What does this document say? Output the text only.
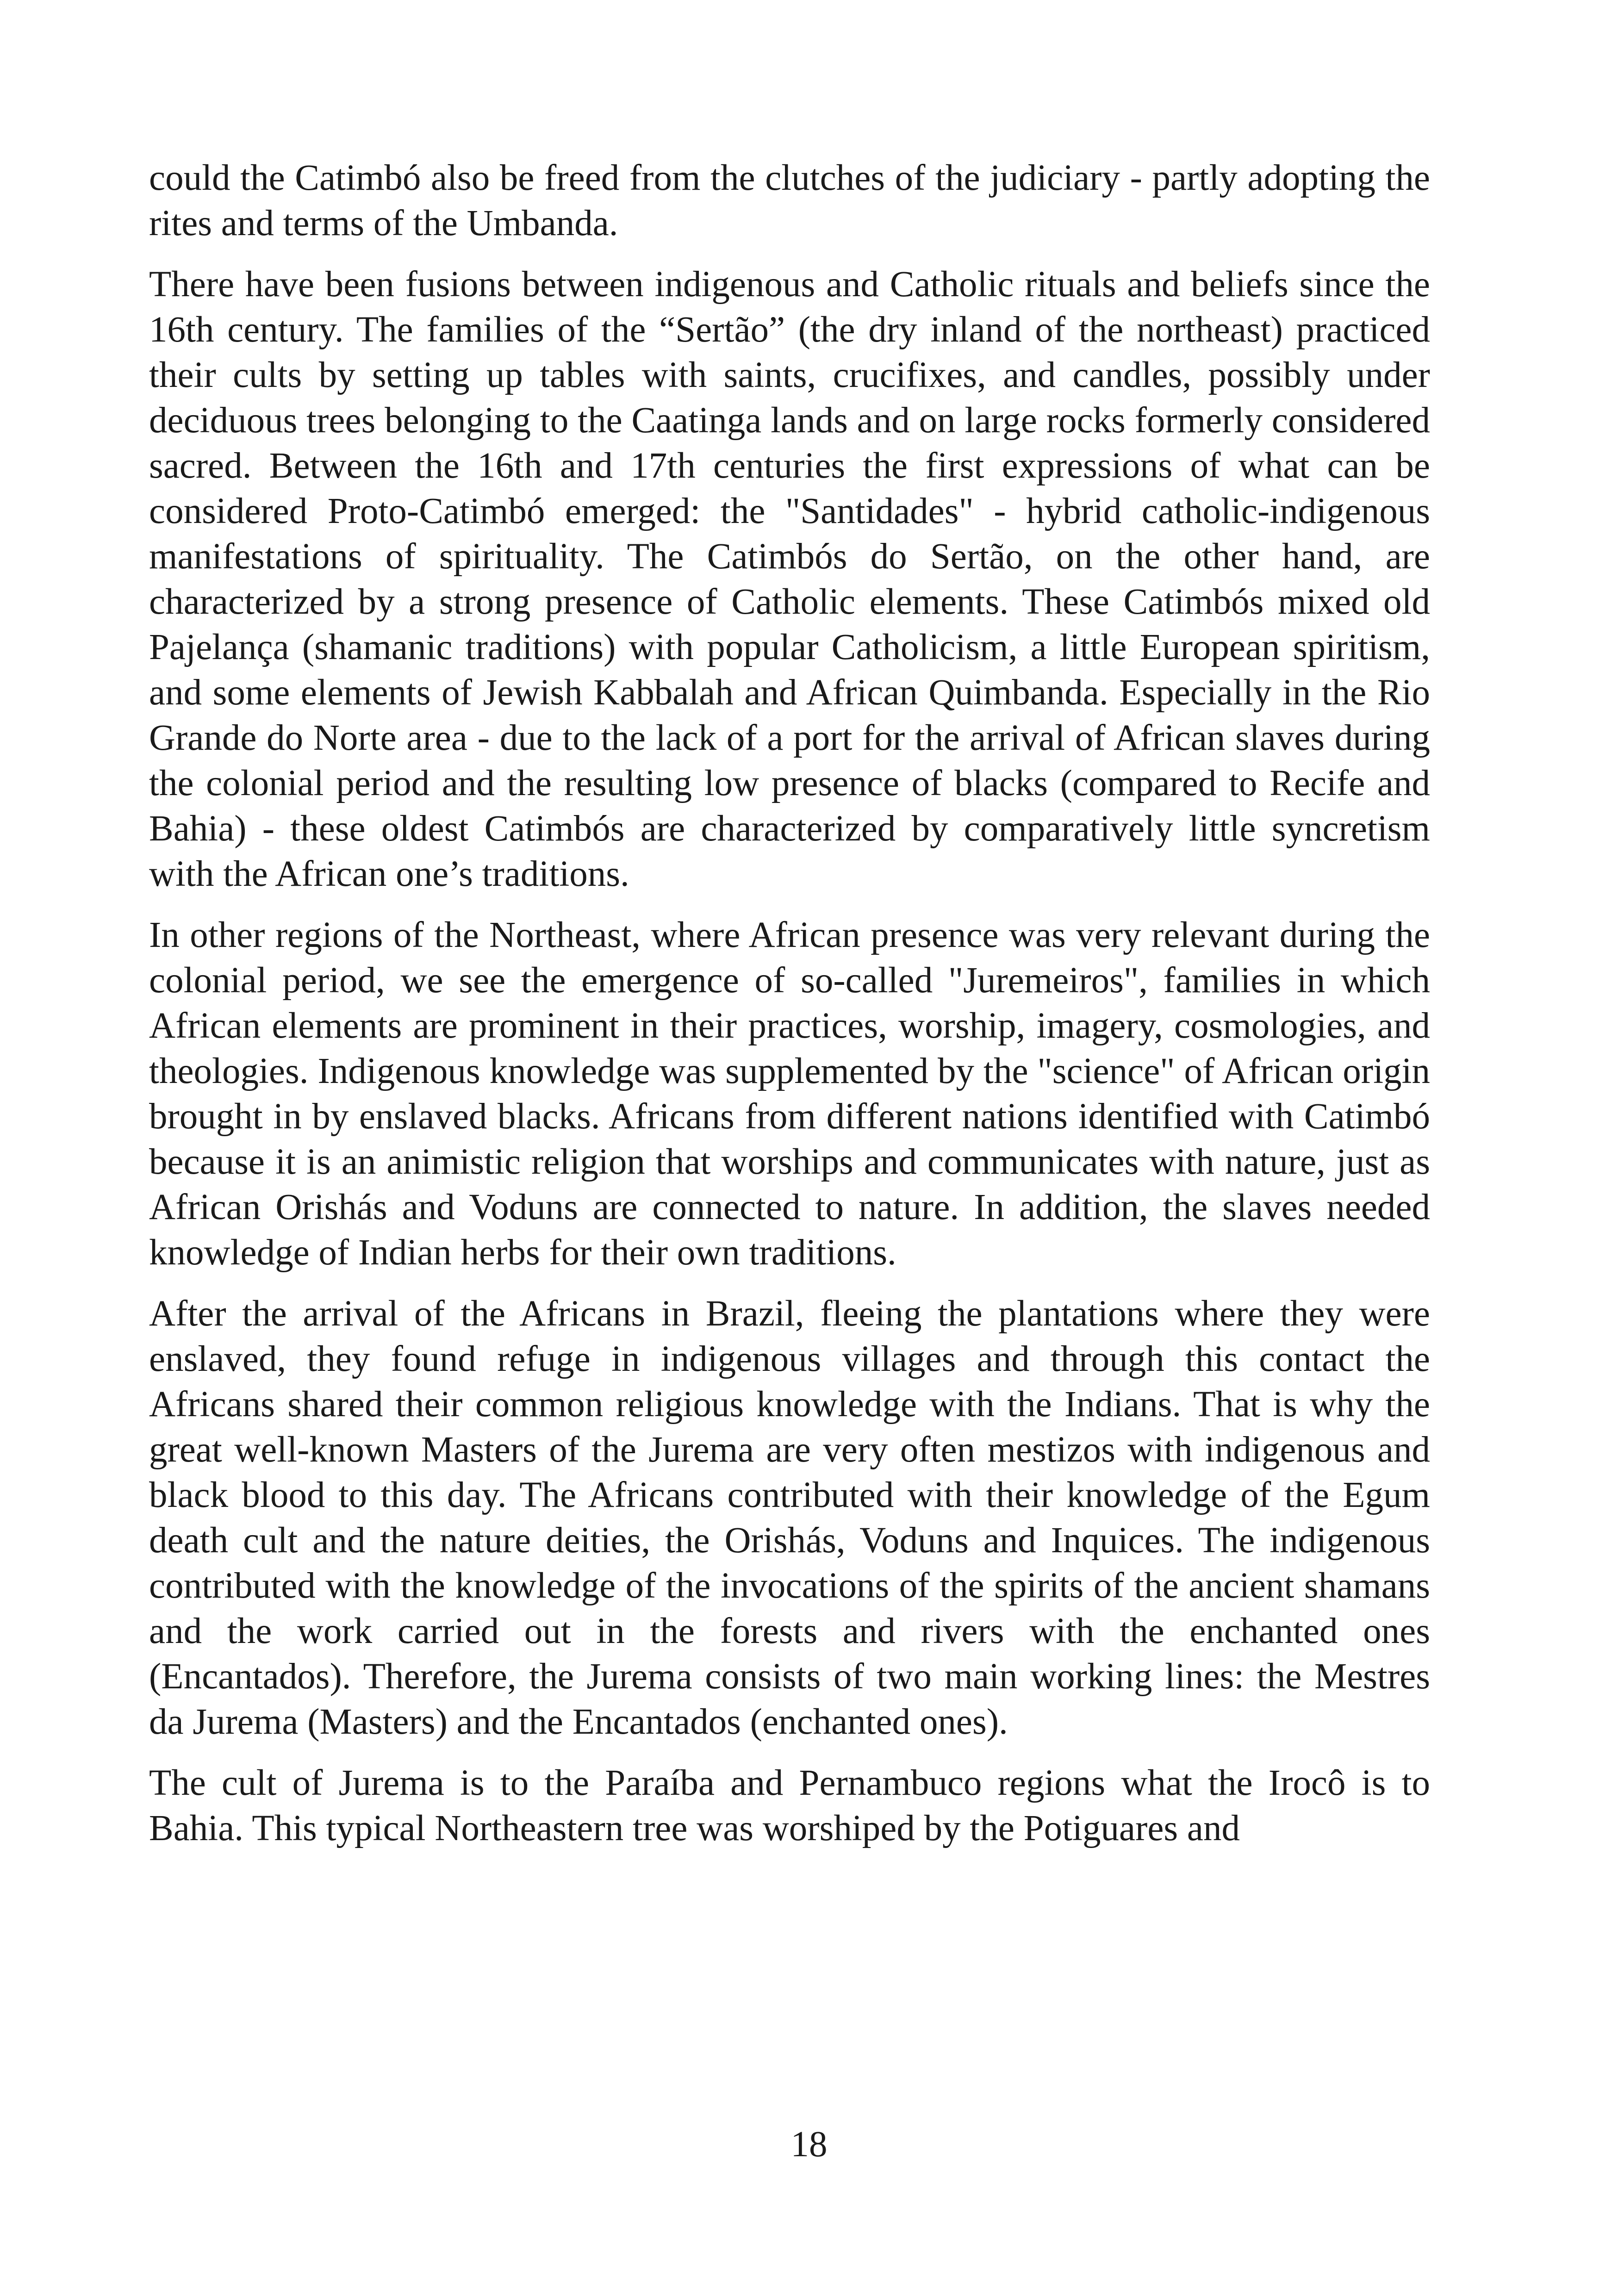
could the Catimbó also be freed from the clutches of the judiciary - partly adopting the rites and terms of the Umbanda.

There have been fusions between indigenous and Catholic rituals and beliefs since the 16th century. The families of the “Sertão” (the dry inland of the northeast) practiced their cults by setting up tables with saints, crucifixes, and candles, possibly under deciduous trees belonging to the Caatinga lands and on large rocks formerly considered sacred. Between the 16th and 17th centuries the first expressions of what can be considered Proto-Catimbó emerged: the "Santidades" - hybrid catholic-indigenous manifestations of spirituality. The Catimbós do Sertão, on the other hand, are characterized by a strong presence of Catholic elements. These Catimbós mixed old Pajelança (shamanic traditions) with popular Catholicism, a little European spiritism, and some elements of Jewish Kabbalah and African Quimbanda. Especially in the Rio Grande do Norte area - due to the lack of a port for the arrival of African slaves during the colonial period and the resulting low presence of blacks (compared to Recife and Bahia) - these oldest Catimbós are characterized by comparatively little syncretism with the African one’s traditions.

In other regions of the Northeast, where African presence was very relevant during the colonial period, we see the emergence of so-called "Juremeiros", families in which African elements are prominent in their practices, worship, imagery, cosmologies, and theologies. Indigenous knowledge was supplemented by the "science" of African origin brought in by enslaved blacks. Africans from different nations identified with Catimbó because it is an animistic religion that worships and communicates with nature, just as African Orishás and Voduns are connected to nature. In addition, the slaves needed knowledge of Indian herbs for their own traditions.

After the arrival of the Africans in Brazil, fleeing the plantations where they were enslaved, they found refuge in indigenous villages and through this contact the Africans shared their common religious knowledge with the Indians. That is why the great well-known Masters of the Jurema are very often mestizos with indigenous and black blood to this day. The Africans contributed with their knowledge of the Egum death cult and the nature deities, the Orishás, Voduns and Inquices. The indigenous contributed with the knowledge of the invocations of the spirits of the ancient shamans and the work carried out in the forests and rivers with the enchanted ones (Encantados). Therefore, the Jurema consists of two main working lines: the Mestres da Jurema (Masters) and the Encantados (enchanted ones).

The cult of Jurema is to the Paraíba and Pernambuco regions what the Irocô is to Bahia. This typical Northeastern tree was worshiped by the Potiguares and

18
